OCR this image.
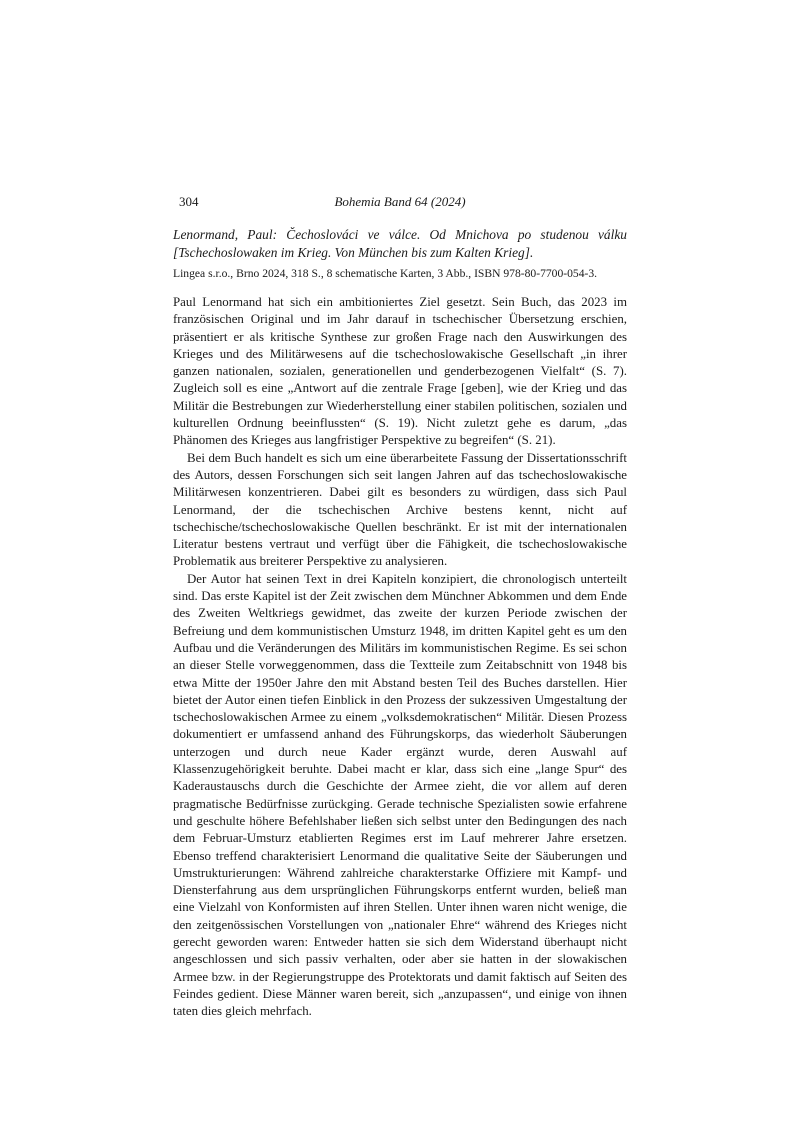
304	Bohemia Band 64 (2024)
Lenormand, Paul: Čechoslováci ve válce. Od Mnichova po studenou válku
[Tschechoslowaken im Krieg. Von München bis zum Kalten Krieg].
Lingea s.r.o., Brno 2024, 318 S., 8 schematische Karten, 3 Abb., ISBN 978-80-7700-054-3.

Paul Lenormand hat sich ein ambitioniertes Ziel gesetzt. Sein Buch, das 2023 im französischen Original und im Jahr darauf in tschechischer Übersetzung erschien, präsentiert er als kritische Synthese zur großen Frage nach den Auswirkungen des Krieges und des Militärwesens auf die tschechoslowakische Gesellschaft „in ihrer ganzen nationalen, sozialen, generationellen und genderbezogenen Vielfalt“ (S. 7). Zugleich soll es eine „Antwort auf die zentrale Frage [geben], wie der Krieg und das Militär die Bestrebungen zur Wiederherstellung einer stabilen politischen, sozialen und kulturellen Ordnung beeinflussten“ (S. 19). Nicht zuletzt gehe es darum, „das Phänomen des Krieges aus langfristiger Perspektive zu begreifen“ (S. 21).

Bei dem Buch handelt es sich um eine überarbeitete Fassung der Dissertationsschrift des Autors, dessen Forschungen sich seit langen Jahren auf das tschechoslowakische Militärwesen konzentrieren. Dabei gilt es besonders zu würdigen, dass sich Paul Lenormand, der die tschechischen Archive bestens kennt, nicht auf tschechische/tschechoslowakische Quellen beschränkt. Er ist mit der internationalen Literatur bestens vertraut und verfügt über die Fähigkeit, die tschechoslowakische Problematik aus breiterer Perspektive zu analysieren.

Der Autor hat seinen Text in drei Kapiteln konzipiert, die chronologisch unterteilt sind. Das erste Kapitel ist der Zeit zwischen dem Münchner Abkommen und dem Ende des Zweiten Weltkriegs gewidmet, das zweite der kurzen Periode zwischen der Befreiung und dem kommunistischen Umsturz 1948, im dritten Kapitel geht es um den Aufbau und die Veränderungen des Militärs im kommunistischen Regime. Es sei schon an dieser Stelle vorweggenommen, dass die Textteile zum Zeitabschnitt von 1948 bis etwa Mitte der 1950er Jahre den mit Abstand besten Teil des Buches darstellen. Hier bietet der Autor einen tiefen Einblick in den Prozess der sukzessiven Umgestaltung der tschechoslowakischen Armee zu einem „volksdemokratischen“ Militär. Diesen Prozess dokumentiert er umfassend anhand des Führungskorps, das wiederholt Säuberungen unterzogen und durch neue Kader ergänzt wurde, deren Auswahl auf Klassenzugehörigkeit beruhte. Dabei macht er klar, dass sich eine „lange Spur“ des Kaderaustauschs durch die Geschichte der Armee zieht, die vor allem auf deren pragmatische Bedürfnisse zurückging. Gerade technische Spezialisten sowie erfahrene und geschulte höhere Befehlshaber ließen sich selbst unter den Bedingungen des nach dem Februar-Umsturz etablierten Regimes erst im Lauf mehrerer Jahre ersetzen. Ebenso treffend charakterisiert Lenormand die qualitative Seite der Säuberungen und Umstrukturierungen: Während zahlreiche charakterstarke Offiziere mit Kampf- und Diensterfahrung aus dem ursprünglichen Führungskorps entfernt wurden, beließ man eine Vielzahl von Konformisten auf ihren Stellen. Unter ihnen waren nicht wenige, die den zeitgenössischen Vorstellungen von „nationaler Ehre“ während des Krieges nicht gerecht geworden waren: Entweder hatten sie sich dem Widerstand überhaupt nicht angeschlossen und sich passiv verhalten, oder aber sie hatten in der slowakischen Armee bzw. in der Regierungstruppe des Protektorats und damit faktisch auf Seiten des Feindes gedient. Diese Männer waren bereit, sich „anzupassen“, und einige von ihnen taten dies gleich mehrfach.
